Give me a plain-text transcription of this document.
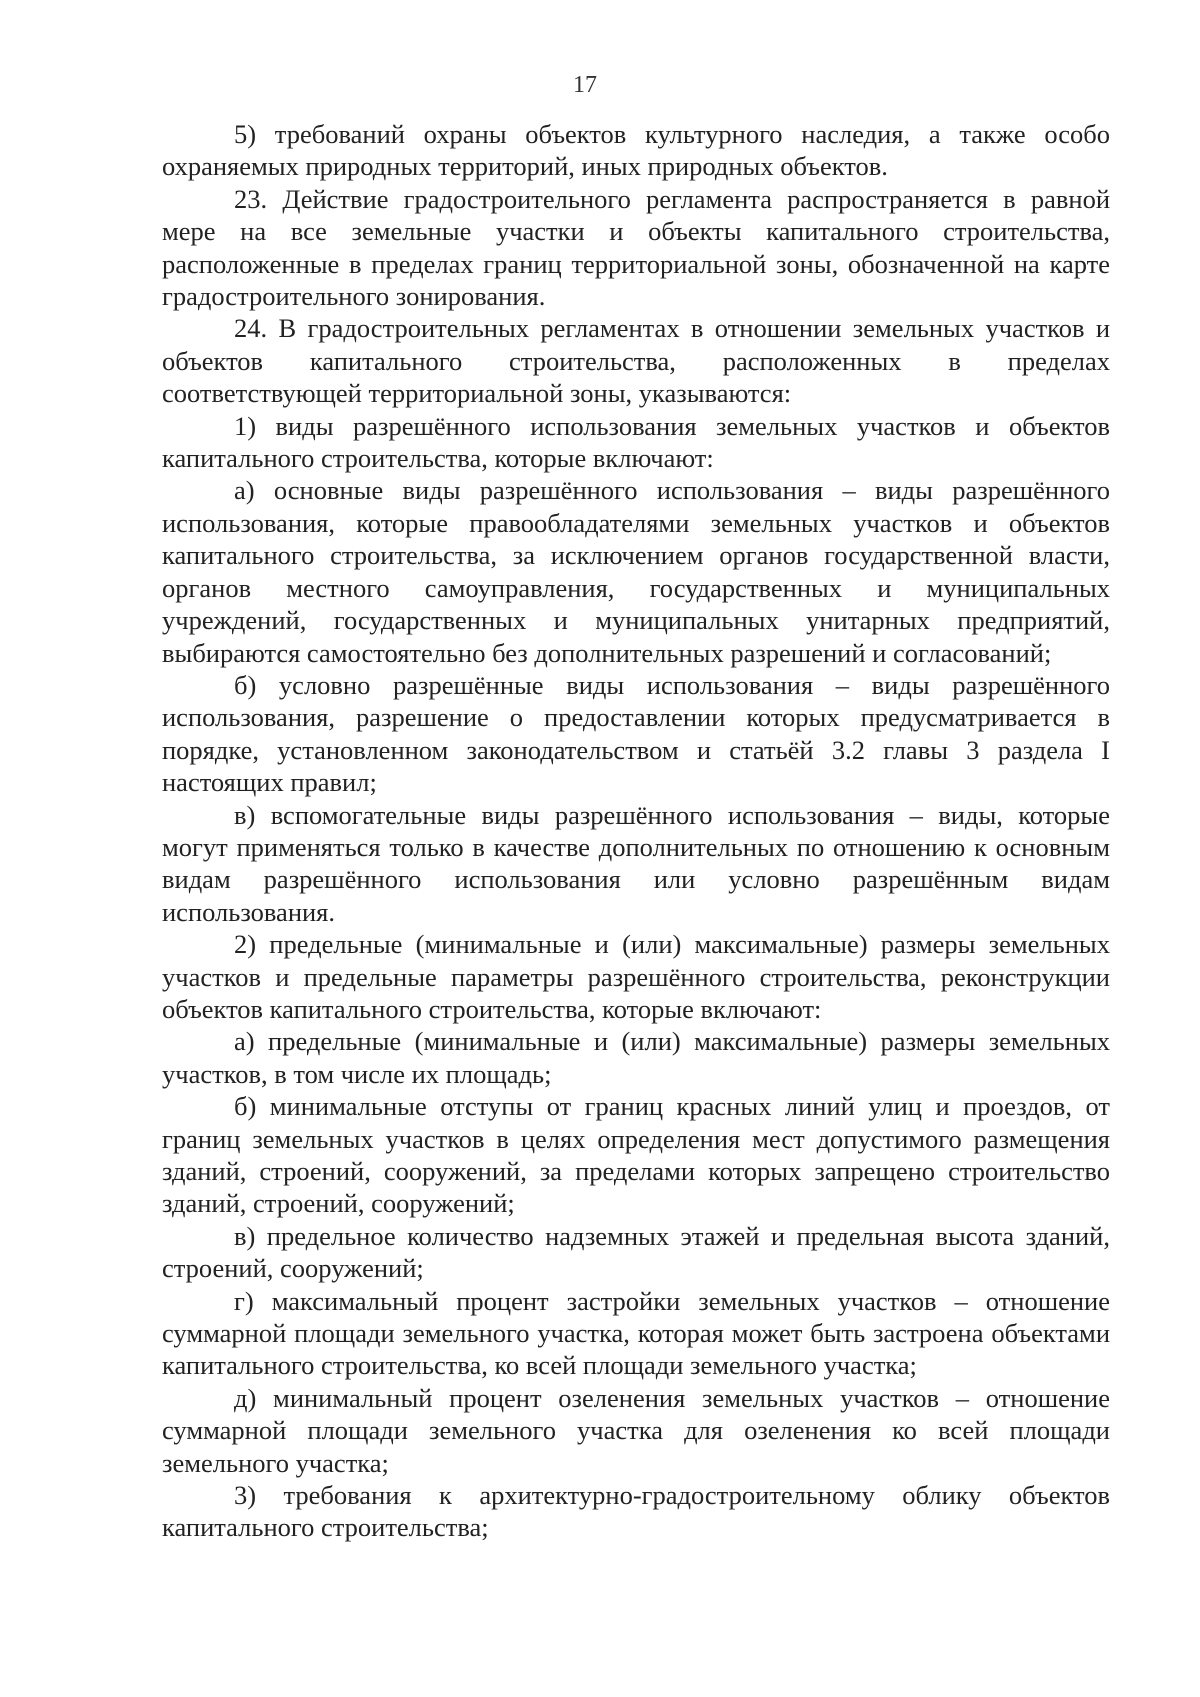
17

5) требований охраны объектов культурного наследия, а также особо охраняемых природных территорий, иных природных объектов.

23. Действие градостроительного регламента распространяется в равной мере на все земельные участки и объекты капитального строительства, расположенные в пределах границ территориальной зоны, обозначенной на карте градостроительного зонирования.

24. В градостроительных регламентах в отношении земельных участков и объектов капитального строительства, расположенных в пределах соответствующей территориальной зоны, указываются:

1) виды разрешённого использования земельных участков и объектов капитального строительства, которые включают:

а) основные виды разрешённого использования – виды разрешённого использования, которые правообладателями земельных участков и объектов капитального строительства, за исключением органов государственной власти, органов местного самоуправления, государственных и муниципальных учреждений, государственных и муниципальных унитарных предприятий, выбираются самостоятельно без дополнительных разрешений и согласований;

б) условно разрешённые виды использования – виды разрешённого использования, разрешение о предоставлении которых предусматривается в порядке, установленном законодательством и статьёй 3.2 главы 3 раздела I настоящих правил;

в) вспомогательные виды разрешённого использования – виды, которые могут применяться только в качестве дополнительных по отношению к основным видам разрешённого использования или условно разрешённым видам использования.

2) предельные (минимальные и (или) максимальные) размеры земельных участков и предельные параметры разрешённого строительства, реконструкции объектов капитального строительства, которые включают:

а) предельные (минимальные и (или) максимальные) размеры земельных участков, в том числе их площадь;

б) минимальные отступы от границ красных линий улиц и проездов, от границ земельных участков в целях определения мест допустимого размещения зданий, строений, сооружений, за пределами которых запрещено строительство зданий, строений, сооружений;

в) предельное количество надземных этажей и предельная высота зданий, строений, сооружений;

г) максимальный процент застройки земельных участков – отношение суммарной площади земельного участка, которая может быть застроена объектами капитального строительства, ко всей площади земельного участка;

д) минимальный процент озеленения земельных участков – отношение суммарной площади земельного участка для озеленения ко всей площади земельного участка;

3) требования к архитектурно-градостроительному облику объектов капитального строительства;
